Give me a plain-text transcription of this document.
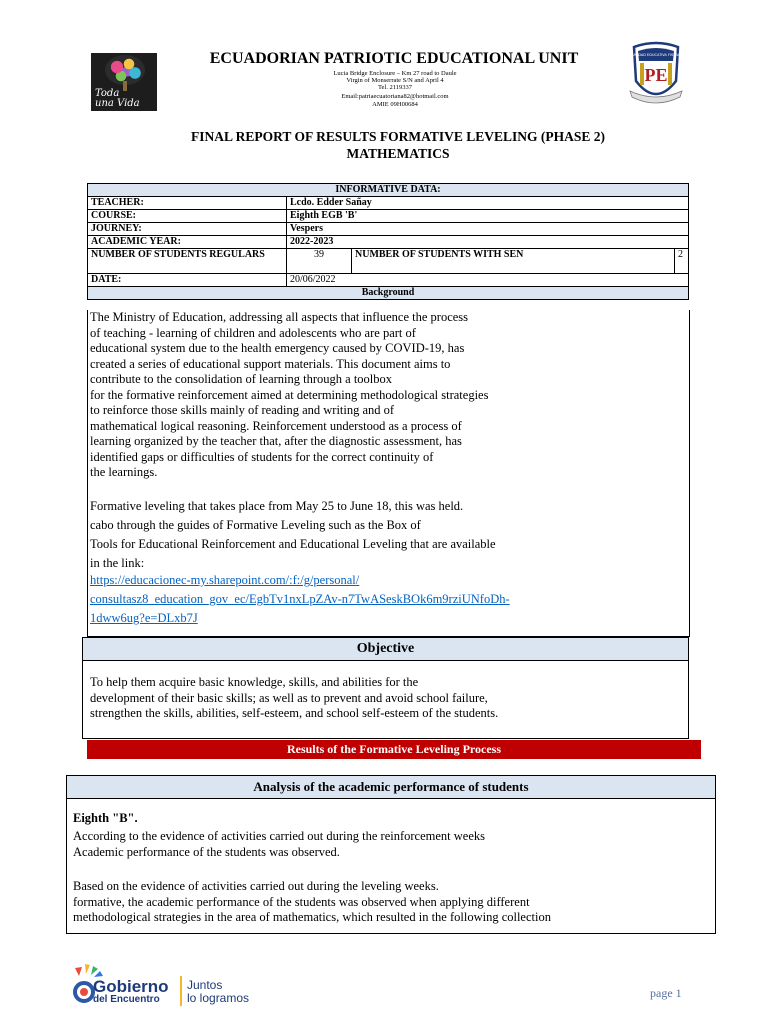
Toda
una Vida
ECUADORIAN PATRIOTIC EDUCATIONAL UNIT
Lucia Bridge Enclosure – Km 27 road to Daule
Virgin of Monserrate S/N and April 4
Tel. 2119337
Email:patriaecuatoriana82@hotmail.com
AMIE 09H00684
UNIDAD EDUCATIVA FISCAL
PE
FINAL REPORT OF RESULTS FORMATIVE LEVELING (PHASE 2)
MATHEMATICS
INFORMATIVE DATA:			
TEACHER:	Lcdo. Edder Sañay		
COURSE:	Eighth EGB 'B'		
JOURNEY:	Vespers		
ACADEMIC YEAR:	2022-2023		
NUMBER OF STUDENTS REGULARS	39	NUMBER OF STUDENTS WITH SEN	2
DATE:	20/06/2022		
Background			
The Ministry of Education, addressing all aspects that influence the process
of teaching - learning of children and adolescents who are part of
educational system due to the health emergency caused by COVID-19, has
created a series of educational support materials. This document aims to
contribute to the consolidation of learning through a toolbox
for the formative reinforcement aimed at determining methodological strategies
to reinforce those skills mainly of reading and writing and of
mathematical logical reasoning. Reinforcement understood as a process of
learning organized by the teacher that, after the diagnostic assessment, has
identified gaps or difficulties of students for the correct continuity of
the learnings.
Formative leveling that takes place from May 25 to June 18, this was held.
cabo through the guides of Formative Leveling such as the Box of
Tools for Educational Reinforcement and Educational Leveling that are available
in the link:
https://educacionec-my.sharepoint.com/:f:/g/personal/
consultasz8_education_gov_ec/EgbTv1nxLpZAv-n7TwASeskBOk6m9rziUNfoDh-
1dww6ug?e=DLxb7J
Objective
To help them acquire basic knowledge, skills, and abilities for the
development of their basic skills; as well as to prevent and avoid school failure,
strengthen the skills, abilities, self-esteem, and school self-esteem of the students.
Results of the Formative Leveling Process
Analysis of the academic performance of students
Eighth "B".
According to the evidence of activities carried out during the reinforcement weeks
Academic performance of the students was observed.
Based on the evidence of activities carried out during the leveling weeks.
formative, the academic performance of the students was observed when applying different
methodological strategies in the area of mathematics, which resulted in the following collection
Gobierno
del Encuentro
Juntos
lo logramos	page 1
